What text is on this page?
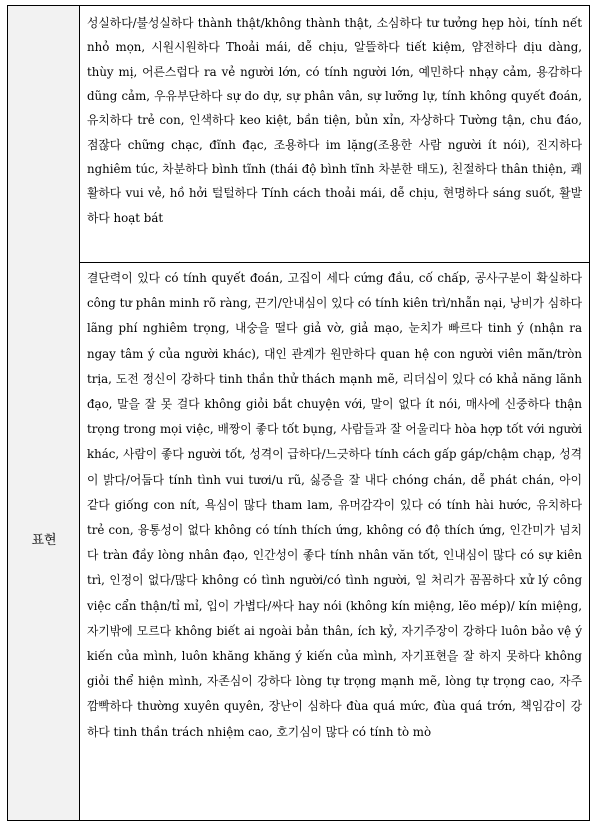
표현
성실하다/불성실하다 thành thật/không thành thật, 소심하다 tư tưởng hẹp hòi, tính nết nhỏ mọn, 시원시원하다 Thoải mái, dễ chịu, 알뜰하다 tiết kiệm, 얌전하다 dịu dàng, thùy mị, 어른스럽다 ra vẻ người lớn, có tính người lớn, 예민하다 nhạy cảm, 용감하다 dũng cảm, 우유부단하다 sự do dự, sự phân vân, sự lưỡng lự, tính không quyết đoán, 유치하다 trẻ con, 인색하다 keo kiệt, bần tiện, bủn xỉn, 자상하다 Tường tận, chu đáo, 점잖다 chững chạc, đĩnh đạc, 조용하다 im lặng(조용한 사람 người ít nói), 진지하다 nghiêm túc, 차분하다 bình tĩnh (thái độ bình tĩnh 차분한 태도), 친절하다 thân thiện, 쾌활하다 vui vẻ, hồ hởi 털털하다 Tính cách thoải mái, dễ chịu, 현명하다 sáng suốt, 활발하다 hoạt bát
결단력이 있다 có tính quyết đoán, 고집이 세다 cứng đầu, cố chấp, 공사구분이 확실하다 công tư phân minh rõ ràng, 끈기/안내심이 있다 có tính kiên trì/nhẫn nại, 낭비가 심하다 lãng phí nghiêm trọng, 내숭을 떨다 giả vờ, giả mạo, 눈치가 빠르다 tinh ý (nhận ra ngay tâm ý của người khác), 대인 관계가 원만하다 quan hệ con người viên mãn/tròn trịa, 도전 정신이 강하다 tinh thần thử thách mạnh mẽ, 리더십이 있다 có khả năng lãnh đạo, 말을 잘 못 걸다 không giỏi bắt chuyện với, 말이 없다 ít nói, 매사에 신중하다 thận trọng trong mọi việc, 배짱이 좋다 tốt bụng, 사람들과 잘 어울리다 hòa hợp tốt với người khác, 사람이 좋다 người tốt, 성격이 급하다/느긋하다 tính cách gấp gáp/chậm chạp, 성격이 밝다/어둡다 tính tình vui tươi/u rũ, 싫증을 잘 내다 chóng chán, dễ phát chán, 아이 같다 giống con nít, 욕심이 많다 tham lam, 유머감각이 있다 có tính hài hước, 유치하다 trẻ con, 융통성이 없다 không có tính thích ứng, không có độ thích ứng, 인간미가 넘치다 tràn đầy lòng nhân đạo, 인간성이 좋다 tính nhân văn tốt, 인내심이 많다 có sự kiên trì, 인정이 없다/많다 không có tình người/có tình người, 일 처리가 꼼꼼하다 xử lý công việc cẩn thận/tỉ mỉ, 입이 가볍다/싸다 hay nói (không kín miệng, lẽo mép)/ kín miệng, 자기밖에 모르다 không biết ai ngoài bản thân, ích kỷ, 자기주장이 강하다 luôn bảo vệ ý kiến của mình, luôn khăng khăng ý kiến của mình, 자기표현을 잘 하지 못하다 không giỏi thể hiện mình, 자존심이 강하다 lòng tự trọng mạnh mẽ, lòng tự trọng cao, 자주 깜빡하다 thường xuyên quyên, 장난이 심하다 đùa quá mức, đùa quá trớn, 책임감이 강하다 tinh thần trách nhiệm cao, 호기심이 많다 có tính tò mò
